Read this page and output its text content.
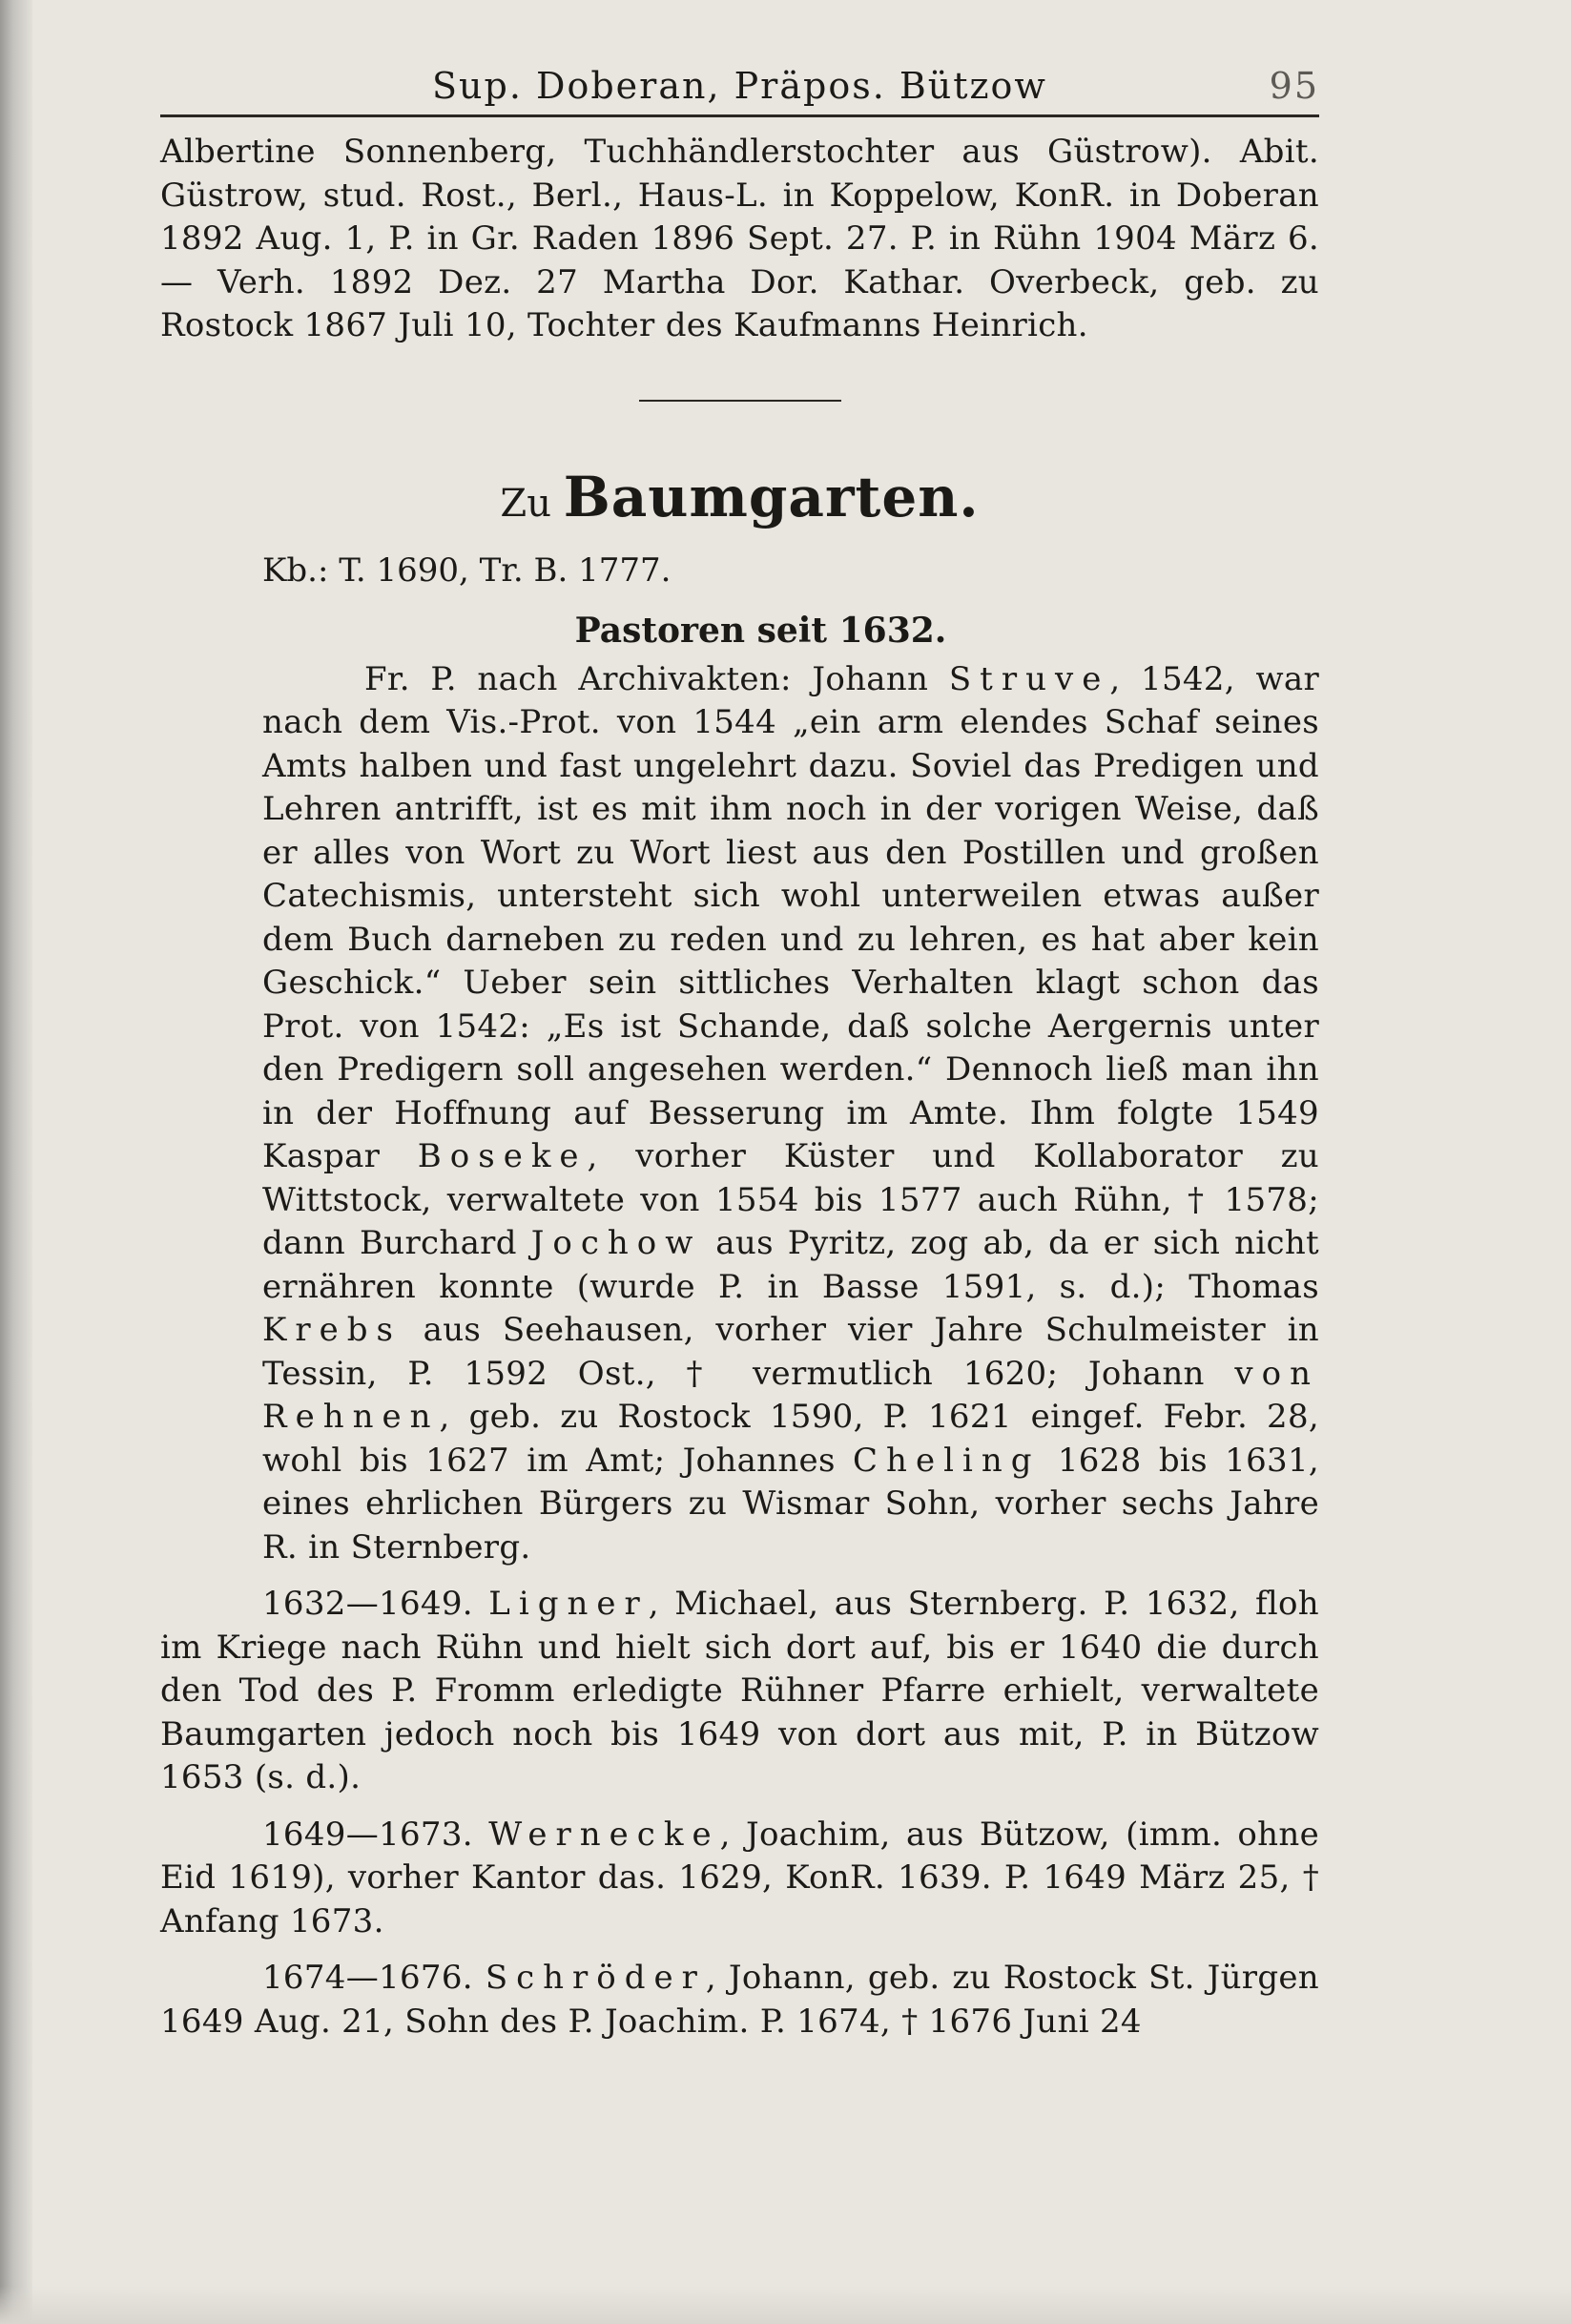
Sup. Doberan, Präpos. Bützow	95

Albertine Sonnenberg, Tuchhändlerstochter aus Güstrow). Abit. Güstrow, stud. Rost., Berl., Haus-L. in Koppelow, KonR. in Doberan 1892 Aug. 1, P. in Gr. Raden 1896 Sept. 27. P. in Rühn 1904 März 6. — Verh. 1892 Dez. 27 Martha Dor. Kathar. Overbeck, geb. zu Rostock 1867 Juli 10, Tochter des Kaufmanns Heinrich.

Zu Baumgarten.

Kb.: T. 1690, Tr. B. 1777.

Pastoren seit 1632.

Fr. P. nach Archivakten: Johann Struve, 1542, war nach dem Vis.-Prot. von 1544 „ein arm elendes Schaf seines Amts halben und fast ungelehrt dazu. Soviel das Predigen und Lehren antrifft, ist es mit ihm noch in der vorigen Weise, daß er alles von Wort zu Wort liest aus den Postillen und großen Catechismis, untersteht sich wohl unterweilen etwas außer dem Buch darneben zu reden und zu lehren, es hat aber kein Geschick.“ Ueber sein sittliches Verhalten klagt schon das Prot. von 1542: „Es ist Schande, daß solche Aergernis unter den Predigern soll angesehen werden.“ Dennoch ließ man ihn in der Hoffnung auf Besserung im Amte. Ihm folgte 1549 Kaspar Boseke, vorher Küster und Kollaborator zu Wittstock, verwaltete von 1554 bis 1577 auch Rühn, † 1578; dann Burchard Jochow aus Pyritz, zog ab, da er sich nicht ernähren konnte (wurde P. in Basse 1591, s. d.); Thomas Krebs aus Seehausen, vorher vier Jahre Schulmeister in Tessin, P. 1592 Ost., † vermutlich 1620; Johann von Rehnen, geb. zu Rostock 1590, P. 1621 eingef. Febr. 28, wohl bis 1627 im Amt; Johannes Cheling 1628 bis 1631, eines ehrlichen Bürgers zu Wismar Sohn, vorher sechs Jahre R. in Sternberg.

1632—1649. Ligner, Michael, aus Sternberg. P. 1632, floh im Kriege nach Rühn und hielt sich dort auf, bis er 1640 die durch den Tod des P. Fromm erledigte Rühner Pfarre erhielt, verwaltete Baumgarten jedoch noch bis 1649 von dort aus mit, P. in Bützow 1653 (s. d.).

1649—1673. Wernecke, Joachim, aus Bützow, (imm. ohne Eid 1619), vorher Kantor das. 1629, KonR. 1639. P. 1649 März 25, † Anfang 1673.

1674—1676. Schröder, Johann, geb. zu Rostock St. Jürgen 1649 Aug. 21, Sohn des P. Joachim. P. 1674, † 1676 Juni 24
